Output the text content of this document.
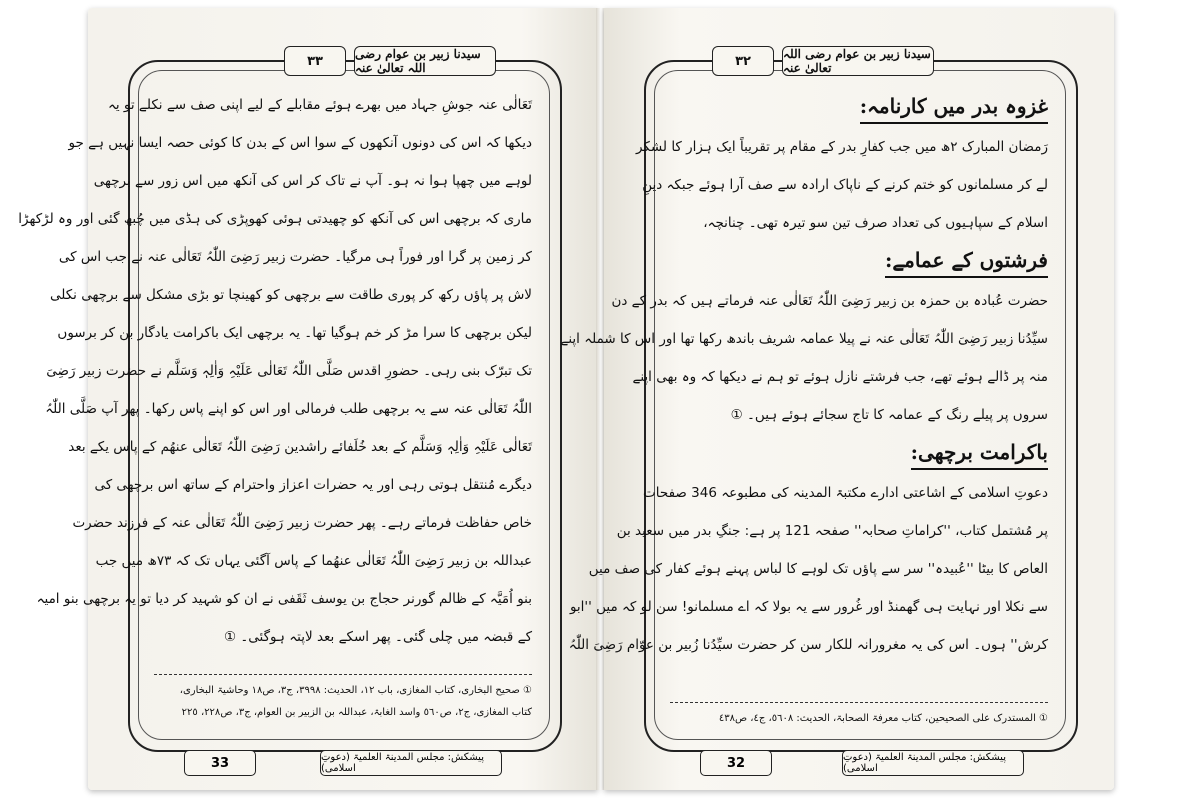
٣٣	سیدنا زبیر بن عوام رضی اللہ تعالیٰ عنہ
تَعَالٰی عنہ جوشِ جہاد میں بھرے ہوئے مقابلے کے لیے اپنی صف سے نکلے تو یہ
دیکھا کہ اس کی دونوں آنکھوں کے سوا اس کے بدن کا کوئی حصہ ایسا نہیں ہے جو
لوہے میں چھپا ہوا نہ ہو۔ آپ نے تاک کر اس کی آنکھ میں اس زور سے برچھی
ماری کہ برچھی اس کی آنکھ کو چھیدتی ہوئی کھوپڑی کی ہڈی میں چُبھ گئی اور وہ لڑکھڑا
کر زمین پر گرا اور فوراً ہی مرگیا۔ حضرت زبیر رَضِیَ اللّٰہُ تَعَالٰی عنہ نے جب اس کی
لاش پر پاؤں رکھ کر پوری طاقت سے برچھی کو کھینچا تو بڑی مشکل سے برچھی نکلی
لیکن برچھی کا سرا مڑ کر خم ہوگیا تھا۔ یہ برچھی ایک باکرامت یادگار بن کر برسوں
تک تبرّک بنی رہی۔ حضورِ اقدس صَلَّی اللّٰہُ تَعَالٰی عَلَیْہِ وَاٰلِہٖ وَسَلَّم نے حضرت زبیر رَضِیَ
اللّٰہُ تَعَالٰی عنہ سے یہ برچھی طلب فرمالی اور اس کو اپنے پاس رکھا۔ پھر آپ صَلَّی اللّٰہُ
تَعَالٰی عَلَیْہِ وَاٰلِہٖ وَسَلَّم کے بعد خُلَفائے راشدین رَضِیَ اللّٰہُ تَعَالٰی عنھُم کے پاس یکے بعد
دیگرے مُنتقل ہوتی رہی اور یہ حضرات اعزاز واحترام کے ساتھ اس برچھی کی
خاص حفاظت فرماتے رہے۔ پھر حضرت زبیر رَضِیَ اللّٰہُ تَعَالٰی عنہ کے فرزند حضرت
عبداللہ بن زبیر رَضِیَ اللّٰہُ تَعَالٰی عنھُما کے پاس آگئی یہاں تک کہ ٧٣ھ میں جب
بنو اُمَیَّہ کے ظالم گورنر حجاج بن یوسف ثَقَفی نے ان کو شہید کر دیا تو یہ برچھی بنو امیہ
کے قبضہ میں چلی گئی۔ پھر اسکے بعد لاپتہ ہوگئی۔ ①
① صحیح البخاری، کتاب المغازی، باب ١٢، الحدیث: ٣٩٩٨، ج٣، ص١٨ وحاشیۃ البخاری،
کتاب المغازی، ج٢، ص٥٦٠ واسد الغابۃ، عبداللہ بن الزبیر بن العوام، ج٣، ص٢٢٨، ٢٢٥
33	پیشکش: مجلس المدینۃ العلمیۃ (دعوتِ اسلامی)
٣٢	سیدنا زبیر بن عوام رضی اللہ تعالیٰ عنہ
غزوہ بدر میں کارنامہ:
رَمضان المبارک ٢ھ میں جب کفارِ بدر کے مقام پر تقریباً ایک ہزار کا لشکر
لے کر مسلمانوں کو ختم کرنے کے ناپاک ارادہ سے صف آرا ہوئے جبکہ دینِ
اسلام کے سپاہیوں کی تعداد صرف تین سو تیرہ تھی۔ چنانچہ،
فرشتوں کے عمامے:
حضرت عُبادہ بن حمزہ بن زبیر رَضِیَ اللّٰہُ تَعَالٰی عنہ فرماتے ہیں کہ بدر کے دن
سیِّدُنا زبیر رَضِیَ اللّٰہُ تَعَالٰی عنہ نے پیلا عمامہ شریف باندھ رکھا تھا اور اس کا شملہ اپنے
منہ پر ڈالے ہوئے تھے، جب فرشتے نازل ہوئے تو ہم نے دیکھا کہ وہ بھی اپنے
سروں پر پیلے رنگ کے عمامہ کا تاج سجائے ہوئے ہیں۔ ①
باکرامت برچھی:
دعوتِ اسلامی کے اشاعتی ادارے مکتبۃ المدینہ کی مطبوعہ 346 صفحات
پر مُشتمل کتاب، ''کراماتِ صحابہ'' صفحہ 121 پر ہے: جنگِ بدر میں سعید بن
العاص کا بیٹا ''عُبیدہ'' سر سے پاؤں تک لوہے کا لباس پہنے ہوئے کفار کی صف میں
سے نکلا اور نہایت ہی گھمنڈ اور غُرور سے یہ بولا کہ اے مسلمانو! سن لو کہ میں ''ابو
کرش'' ہوں۔ اس کی یہ مغرورانہ للکار سن کر حضرت سیِّدُنا زُبیر بن عوّام رَضِیَ اللّٰہُ
① المستدرک علی الصحیحین، کتاب معرفۃ الصحابۃ، الحدیث: ٥٦٠٨، ج٤، ص٤٣٨
32	پیشکش: مجلس المدینۃ العلمیۃ (دعوتِ اسلامی)
